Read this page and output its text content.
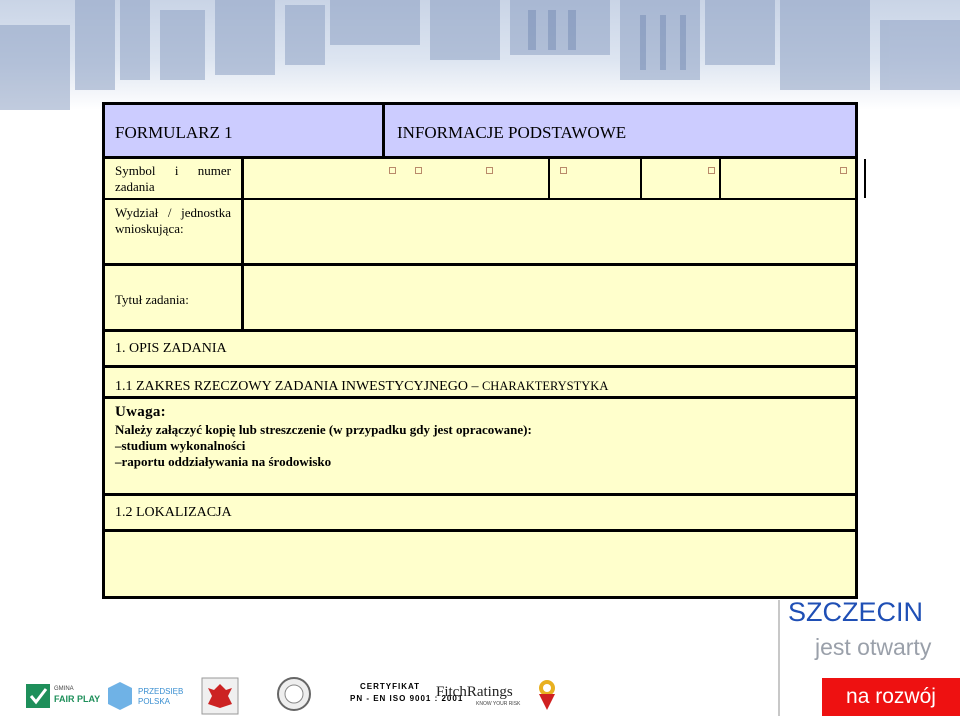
FORMULARZ 1	INFORMACJE PODSTAWOWE
Symbol i numer
zadania
Wydział / jednostka
wnioskująca:
Tytuł zadania:
1. OPIS ZADANIA
1.1 ZAKRES RZECZOWY ZADANIA INWESTYCYJNEGO – CHARAKTERYSTYKA
Uwaga:
Należy załączyć kopię lub streszczenie (w przypadku gdy jest opracowane):
–studium wykonalności
–raportu oddziaływania na środowisko
1.2 LOKALIZACJA
GMINA
FAIR PLAY
PRZEDSIĘB
POLSKA
CERTYFIKAT
PN - EN ISO 9001 : 2001
FitchRatings
KNOW YOUR RISK
SZCZECIN
jest otwarty
na rozwój
